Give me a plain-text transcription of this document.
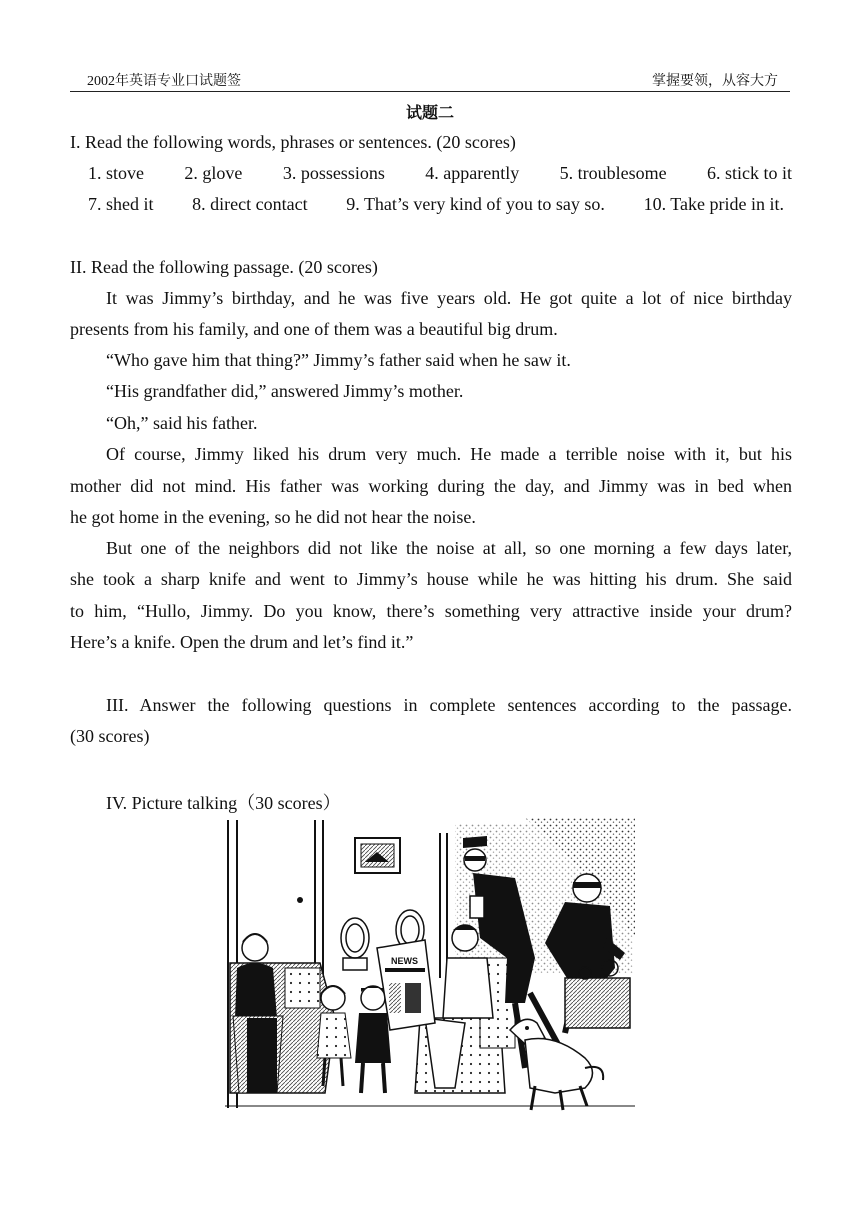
2002年英语专业口试题签	掌握要领，从容大方
试题二
I. Read the following words, phrases or sentences. (20 scores)
1. stove 2. glove 3. possessions 4. apparently 5. troublesome 6. stick to it
7. shed it 8. direct contact 9. That’s very kind of you to say so. 10. Take pride in it.
II. Read the following passage. (20 scores)
It was Jimmy’s birthday, and he was five years old. He got quite a lot of nice birthday
presents from his family, and one of them was a beautiful big drum.
“Who gave him that thing?” Jimmy’s father said when he saw it.
“His grandfather did,” answered Jimmy’s mother.
“Oh,” said his father.
Of course, Jimmy liked his drum very much. He made a terrible noise with it, but his
mother did not mind. His father was working during the day, and Jimmy was in bed when
he got home in the evening, so he did not hear the noise.
But one of the neighbors did not like the noise at all, so one morning a few days later,
she took a sharp knife and went to Jimmy’s house while he was hitting his drum. She said
to him, “Hullo, Jimmy. Do you know, there’s something very attractive inside your drum?
Here’s a knife. Open the drum and let’s find it.”
III. Answer the following questions in complete sentences according to the passage.
(30 scores)
IV. Picture talking（30 scores）
NEWS
BIG THEFTS
